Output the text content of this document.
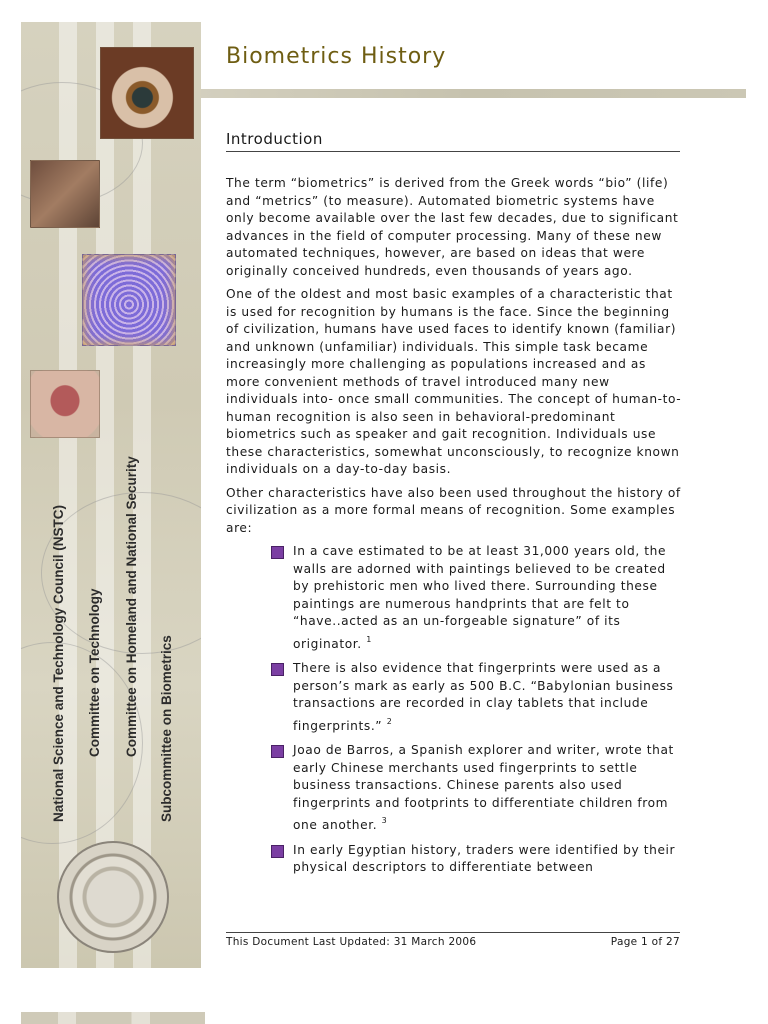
National Science and Technology Council (NSTC) Committee on Technology Committee on Homeland and National Security Subcommittee on Biometrics
Biometrics History
Introduction

The term “biometrics” is derived from the Greek words “bio” (life) and “metrics” (to measure). Automated biometric systems have only become available over the last few decades, due to significant advances in the field of computer processing. Many of these new automated techniques, however, are based on ideas that were originally conceived hundreds, even thousands of years ago.

One of the oldest and most basic examples of a characteristic that is used for recognition by humans is the face. Since the beginning of civilization, humans have used faces to identify known (familiar) and unknown (unfamiliar) individuals. This simple task became increasingly more challenging as populations increased and as more convenient methods of travel introduced many new individuals into- once small communities. The concept of human-to-human recognition is also seen in behavioral-predominant biometrics such as speaker and gait recognition. Individuals use these characteristics, somewhat unconsciously, to recognize known individuals on a day-to-day basis.

Other characteristics have also been used throughout the history of civilization as a more formal means of recognition. Some examples are:

In a cave estimated to be at least 31,000 years old, the walls are adorned with paintings believed to be created by prehistoric men who lived there. Surrounding these paintings are numerous handprints that are felt to “have..acted as an un-forgeable signature” of its originator. $^1$
There is also evidence that fingerprints were used as a person’s mark as early as 500 B.C. “Babylonian business transactions are recorded in clay tablets that include fingerprints.” $^2$
Joao de Barros, a Spanish explorer and writer, wrote that early Chinese merchants used fingerprints to settle business transactions. Chinese parents also used fingerprints and footprints to differentiate children from one another. $^3$
In early Egyptian history, traders were identified by their physical descriptors to differentiate between
This Document Last Updated: 31 March 2006	Page 1 of 27
